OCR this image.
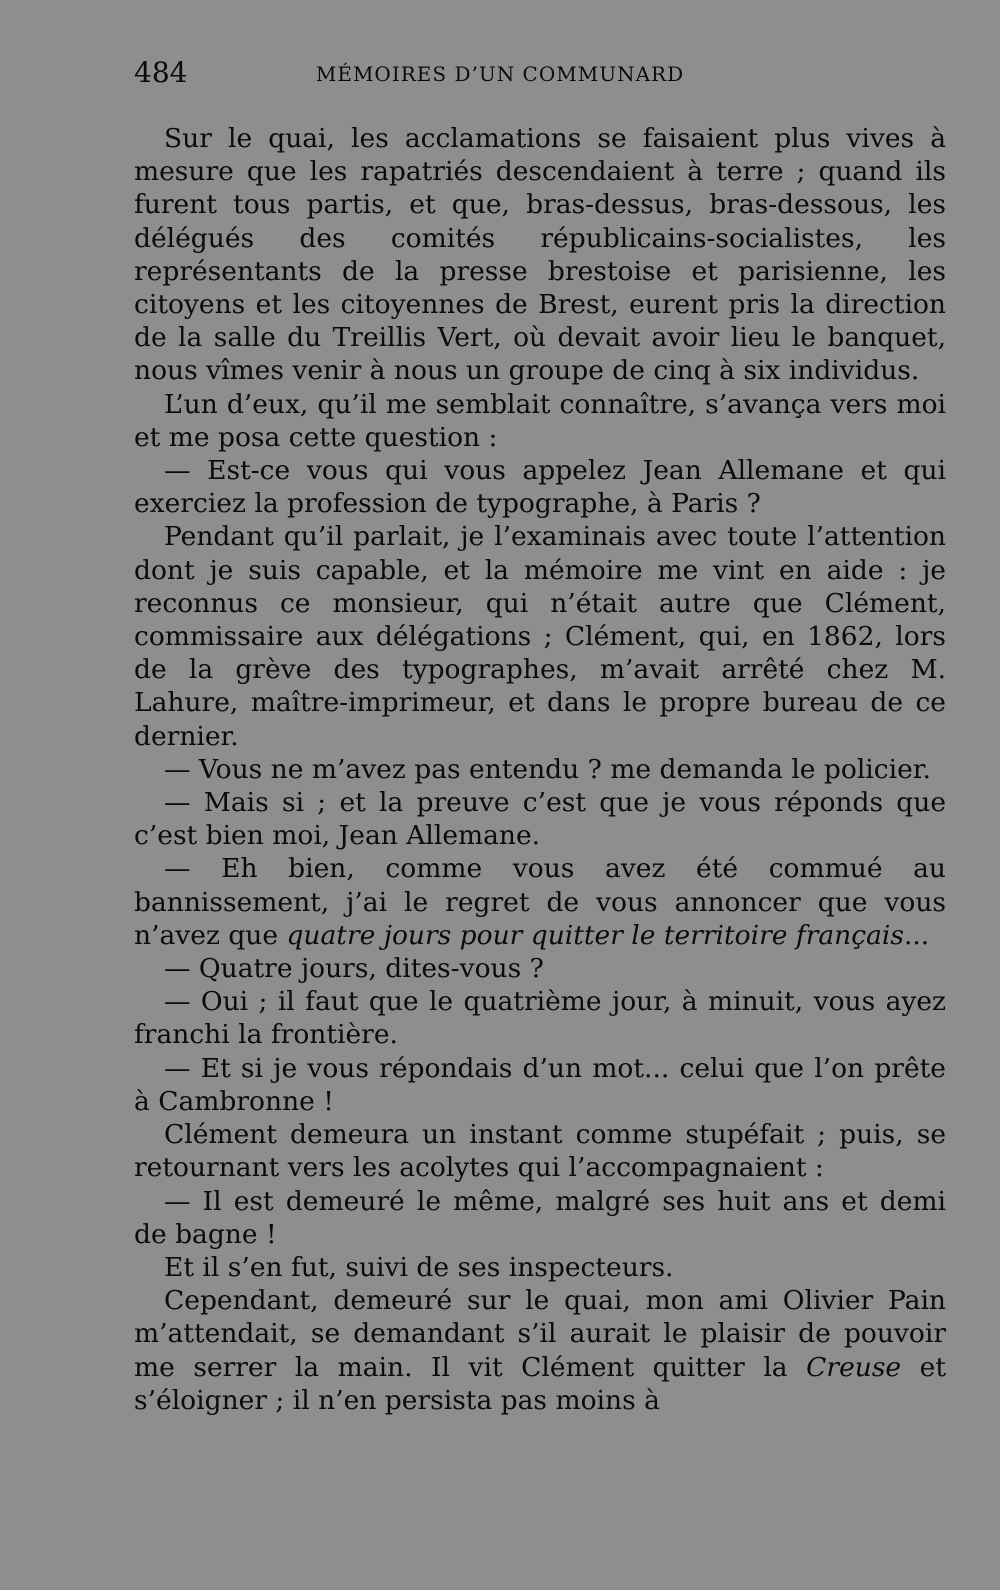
484	MÉMOIRES D’UN COMMUNARD

Sur le quai, les acclamations se faisaient plus vives à mesure que les rapatriés descendaient à terre ; quand ils furent tous partis, et que, bras-dessus, bras-dessous, les délégués des comités républicains-socialistes, les représentants de la presse brestoise et parisienne, les citoyens et les citoyennes de Brest, eurent pris la direction de la salle du Treillis Vert, où devait avoir lieu le banquet, nous vîmes venir à nous un groupe de cinq à six individus.

L’un d’eux, qu’il me semblait connaître, s’avança vers moi et me posa cette question :

— Est-ce vous qui vous appelez Jean Allemane et qui exerciez la profession de typographe, à Paris ?

Pendant qu’il parlait, je l’examinais avec toute l’attention dont je suis capable, et la mémoire me vint en aide : je reconnus ce monsieur, qui n’était autre que Clément, commissaire aux délégations ; Clément, qui, en 1862, lors de la grève des typographes, m’avait arrêté chez M. Lahure, maître-imprimeur, et dans le propre bureau de ce dernier.

— Vous ne m’avez pas entendu ? me demanda le policier.

— Mais si ; et la preuve c’est que je vous réponds que c’est bien moi, Jean Allemane.

— Eh bien, comme vous avez été commué au bannissement, j’ai le regret de vous annoncer que vous n’avez que quatre jours pour quitter le territoire français...

— Quatre jours, dites-vous ?

— Oui ; il faut que le quatrième jour, à minuit, vous ayez franchi la frontière.

— Et si je vous répondais d’un mot... celui que l’on prête à Cambronne !

Clément demeura un instant comme stupéfait ; puis, se retournant vers les acolytes qui l’accompagnaient :

— Il est demeuré le même, malgré ses huit ans et demi de bagne !

Et il s’en fut, suivi de ses inspecteurs.

Cependant, demeuré sur le quai, mon ami Olivier Pain m’attendait, se demandant s’il aurait le plaisir de pouvoir me serrer la main. Il vit Clément quitter la Creuse et s’éloigner ; il n’en persista pas moins à
